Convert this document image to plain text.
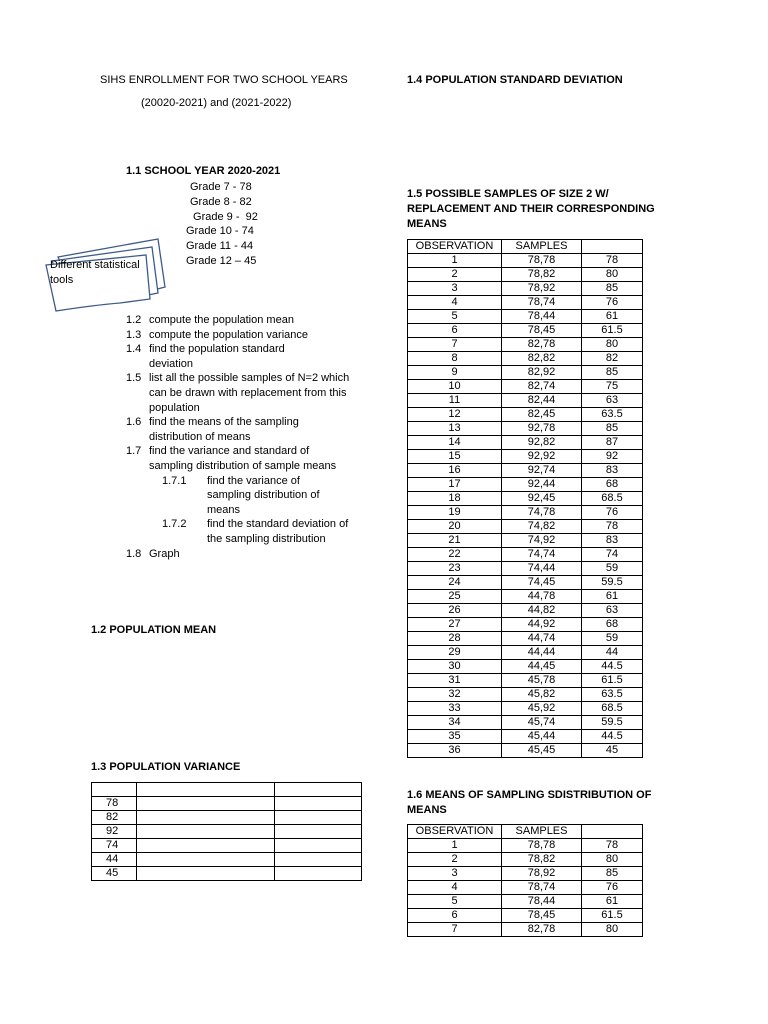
SIHS ENROLLMENT FOR TWO SCHOOL YEARS
(20020-2021) and (2021-2022)
1.1 SCHOOL YEAR 2020-2021
Grade 7 - 78
Grade 8 - 82
Grade 9 -  92
Grade 10 - 74
Grade 11 - 44
Grade 12 – 45
Different statistical tools
1.2 compute the population mean
1.3 compute the population variance
1.4 find the population standard deviation
1.5 list all the possible samples of N=2 which can be drawn with replacement from this population
1.6 find the means of the sampling distribution of means
1.7 find the variance and standard of sampling distribution of sample means
1.7.1	find the variance of sampling distribution of means
1.7.2	find the standard deviation of the sampling distribution
1.8 Graph
1.2 POPULATION MEAN
1.3 POPULATION VARIANCE

78		
82		
92		
74		
44		
45		
1.4 POPULATION STANDARD DEVIATION
1.5 POSSIBLE SAMPLES OF SIZE 2 W/ REPLACEMENT AND THEIR CORRESPONDING MEANS
OBSERVATION	SAMPLES	
1	78,78	78
2	78,82	80
3	78,92	85
4	78,74	76
5	78,44	61
6	78,45	61.5
7	82,78	80
8	82,82	82
9	82,92	85
10	82,74	75
11	82,44	63
12	82,45	63.5
13	92,78	85
14	92,82	87
15	92,92	92
16	92,74	83
17	92,44	68
18	92,45	68.5
19	74,78	76
20	74,82	78
21	74,92	83
22	74,74	74
23	74,44	59
24	74,45	59.5
25	44,78	61
26	44,82	63
27	44,92	68
28	44,74	59
29	44,44	44
30	44,45	44.5
31	45,78	61.5
32	45,82	63.5
33	45,92	68.5
34	45,74	59.5
35	45,44	44.5
36	45,45	45
1.6 MEANS OF SAMPLING SDISTRIBUTION OF MEANS
OBSERVATION	SAMPLES	
1	78,78	78
2	78,82	80
3	78,92	85
4	78,74	76
5	78,44	61
6	78,45	61.5
7	82,78	80
